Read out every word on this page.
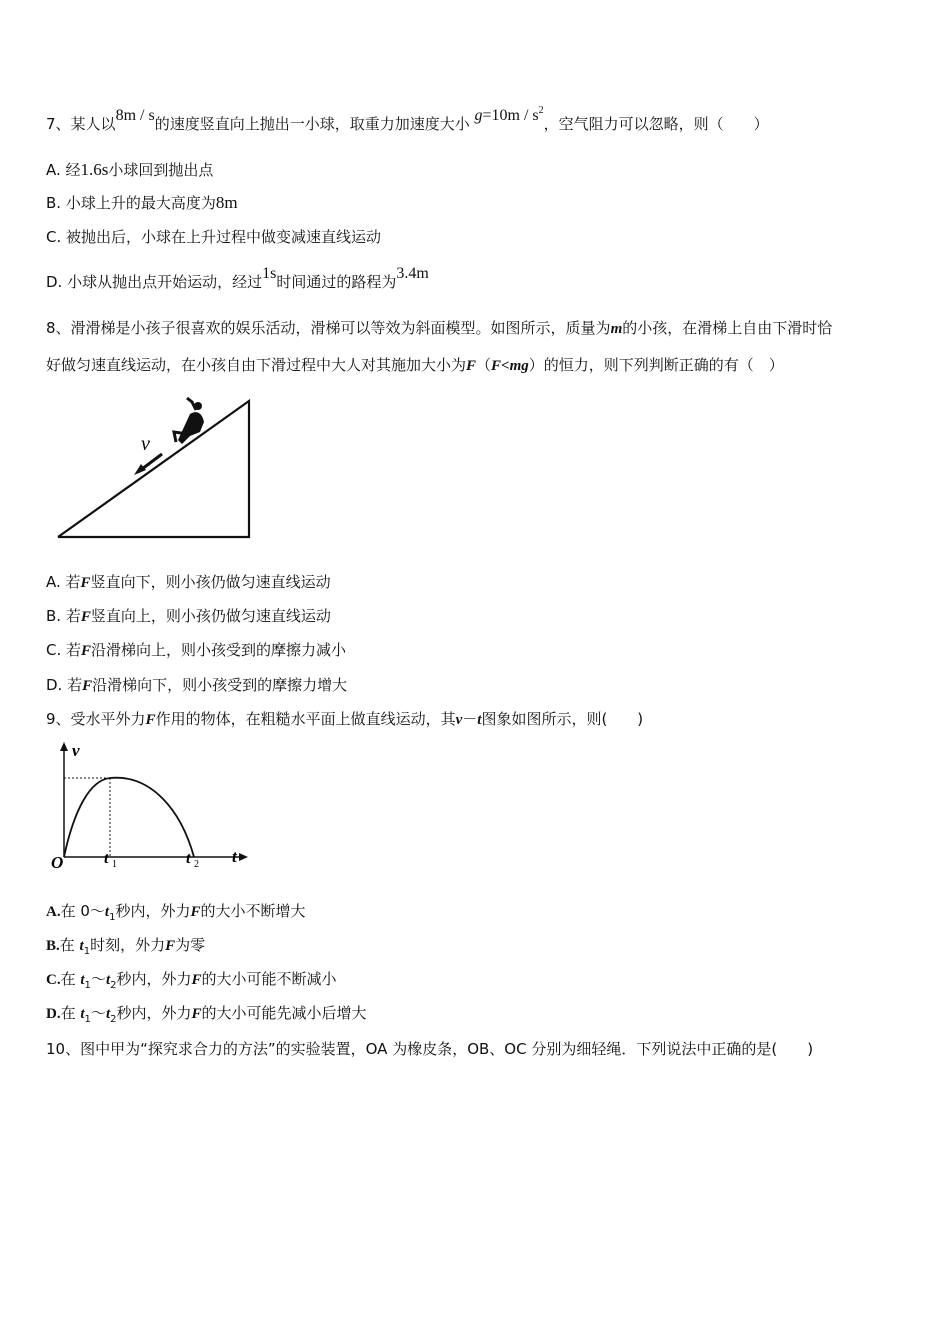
7、某人以8m / s的速度竖直向上抛出一小球，取重力加速度大小 $g=10m / s^2$，空气阻力可以忽略，则（　　）
A. 经1.6s小球回到抛出点
B. 小球上升的最大高度为8m
C. 被抛出后，小球在上升过程中做变减速直线运动
D. 小球从抛出点开始运动，经过1s时间通过的路程为3.4m
8、滑滑梯是小孩子很喜欢的娱乐活动，滑梯可以等效为斜面模型。如图所示，质量为m的小孩，在滑梯上自由下滑时恰
好做匀速直线运动，在小孩自由下滑过程中大人对其施加大小为F（F<mg）的恒力，则下列判断正确的有（　）
v
A. 若F竖直向下，则小孩仍做匀速直线运动
B. 若F竖直向上，则小孩仍做匀速直线运动
C. 若F沿滑梯向上，则小孩受到的摩擦力减小
D. 若F沿滑梯向下，则小孩受到的摩擦力增大
9、受水平外力F作用的物体，在粗糙水平面上做直线运动，其v－t图象如图所示，则(　　)
v
t
O	t 1	t 2
A.在 $0\sim t_1$秒内，外力F的大小不断增大
B.在 $t_1$时刻，外力F为零
C.在 $t_1\sim t_2$秒内，外力F的大小可能不断减小
D.在 $t_1\sim t_2$秒内，外力F的大小可能先减小后增大
10、图中甲为“探究求合力的方法”的实验装置，OA 为橡皮条，OB、OC 分别为细轻绳．下列说法中正确的是(　　)
